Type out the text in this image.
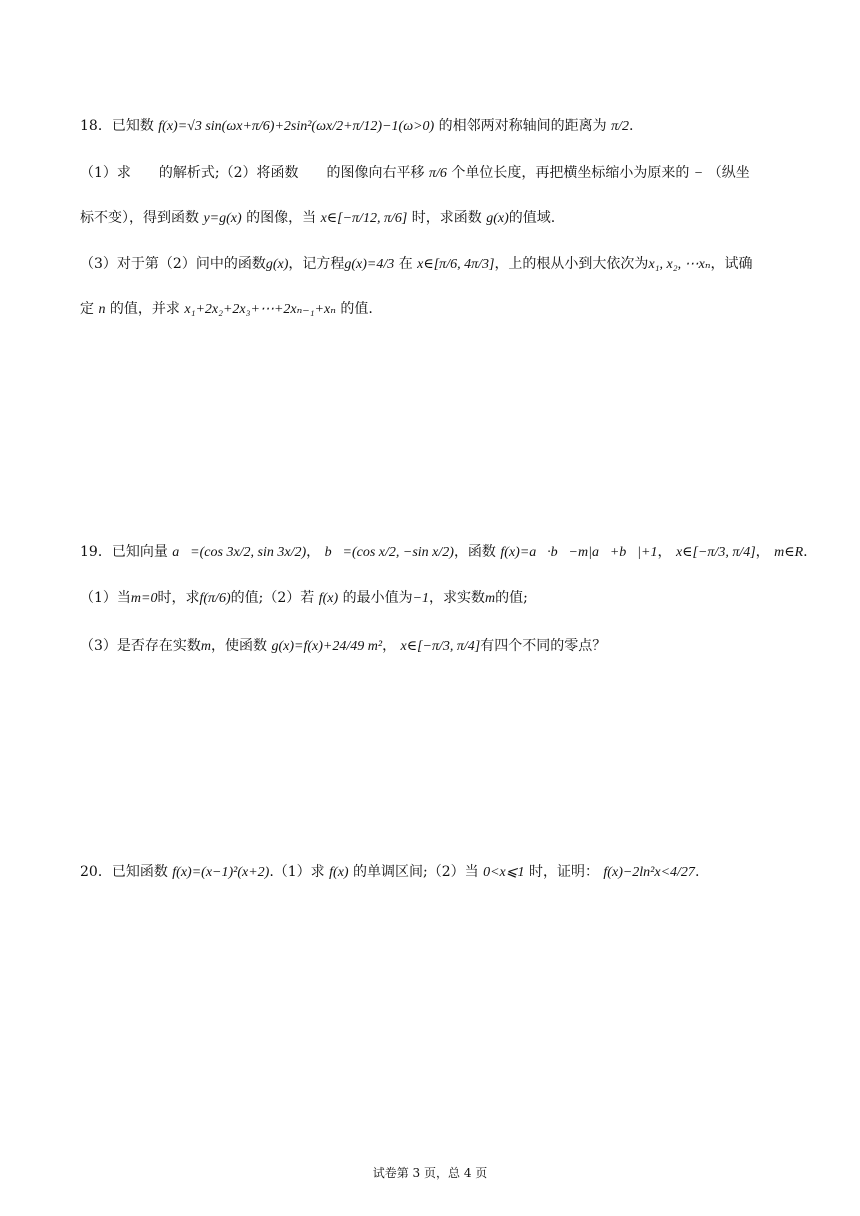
18．已知数 f(x)=√3 sin(ωx+π/6)+2sin²(ωx/2+π/12)−1(ω>0) 的相邻两对称轴间的距离为 π/2.
（1）求　　的解析式;（2）将函数　　的图像向右平移 π/6 个单位长度，再把横坐标缩小为原来的 − （纵坐
标不变），得到函数 y=g(x) 的图像，当 x∈[−π/12, π/6] 时，求函数 g(x)的值域.
（3）对于第（2）问中的函数g(x)，记方程g(x)=4/3 在 x∈[π/6, 4π/3]，上的根从小到大依次为x₁, x₂, ⋯xₙ，试确
定 n 的值，并求 x₁+2x₂+2x₃+⋯+2xₙ₋₁+xₙ 的值.
19．已知向量 a⃗=(cos 3x/2, sin 3x/2)， b⃗=(cos x/2, −sin x/2)，函数 f(x)=a⃗·b⃗−m|a⃗+b⃗|+1， x∈[−π/3, π/4]， m∈R.
（1）当m=0时，求f(π/6)的值;（2）若 f(x) 的最小值为−1，求实数m的值;
（3）是否存在实数m，使函数 g(x)=f(x)+24/49 m²， x∈[−π/3, π/4]有四个不同的零点？
20．已知函数 f(x)=(x−1)²(x+2).（1）求 f(x) 的单调区间;（2）当 0<x⩽1 时，证明： f(x)−2ln²x<4/27.
试卷第 3 页，总 4 页
